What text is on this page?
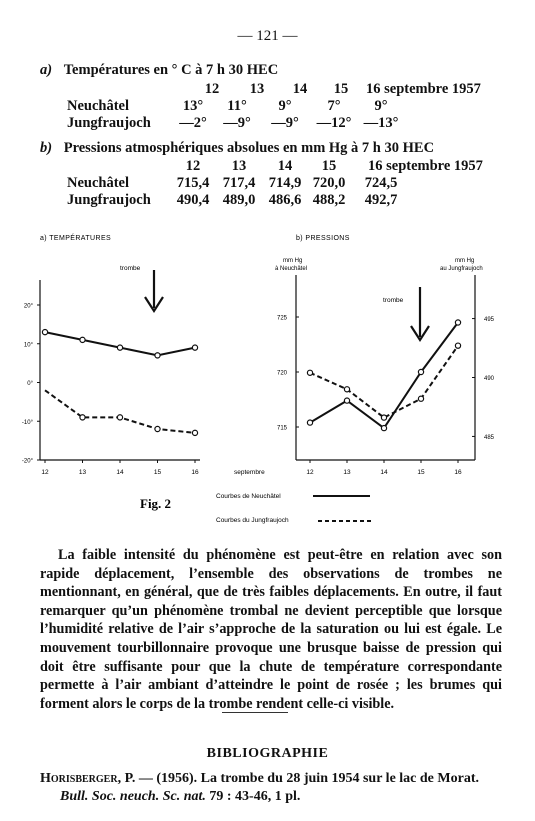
— 121 —
a) Températures en ° C à 7 h 30 HEC
12	13	14	15	16 septembre 1957
Neuchâtel	13°	11°	9°	7°	9°
Jungfraujoch	—2°	—9°	—9°	—12° —13°
b) Pressions atmosphériques absolues en mm Hg à 7 h 30 HEC
12	13	14	15	16 septembre 1957
Neuchâtel	715,4 717,4 714,9 720,0	724,5
Jungfraujoch	490,4 489,0 486,6 488,2	492,7
a) TEMPÉRATURES
20°
10°
0°
-10°
-20°
12	13	14	15	16
trombe
b) PRESSIONS
mm Hg
à Neuchâtel
mm Hg
au Jungfraujoch
725
720
715
495
490
485
12	13	14	15	16
septembre
trombe
Fig. 2	Courbes de Neuchâtel
Courbes du Jungfraujoch
La faible intensité du phénomène est peut-être en relation avec son rapide déplacement, l’ensemble des observations de trombes ne mentionnant, en général, que de très faibles déplacements. En outre, il faut remarquer qu’un phénomène trombal ne devient perceptible que lorsque l’humidité relative de l’air s’approche de la saturation ou lui est égale. Le mouvement tourbillonnaire provoque une brusque baisse de pression qui doit être suffisante pour que la chute de température correspondante permette à l’air ambiant d’atteindre le point de rosée ; les brumes qui forment alors le corps de la trombe rendent celle-ci visible.
BIBLIOGRAPHIE
Horisberger, P. — (1956). La trombe du 28 juin 1954 sur le lac de Morat.
Bull. Soc. neuch. Sc. nat. 79 : 43-46, 1 pl.
